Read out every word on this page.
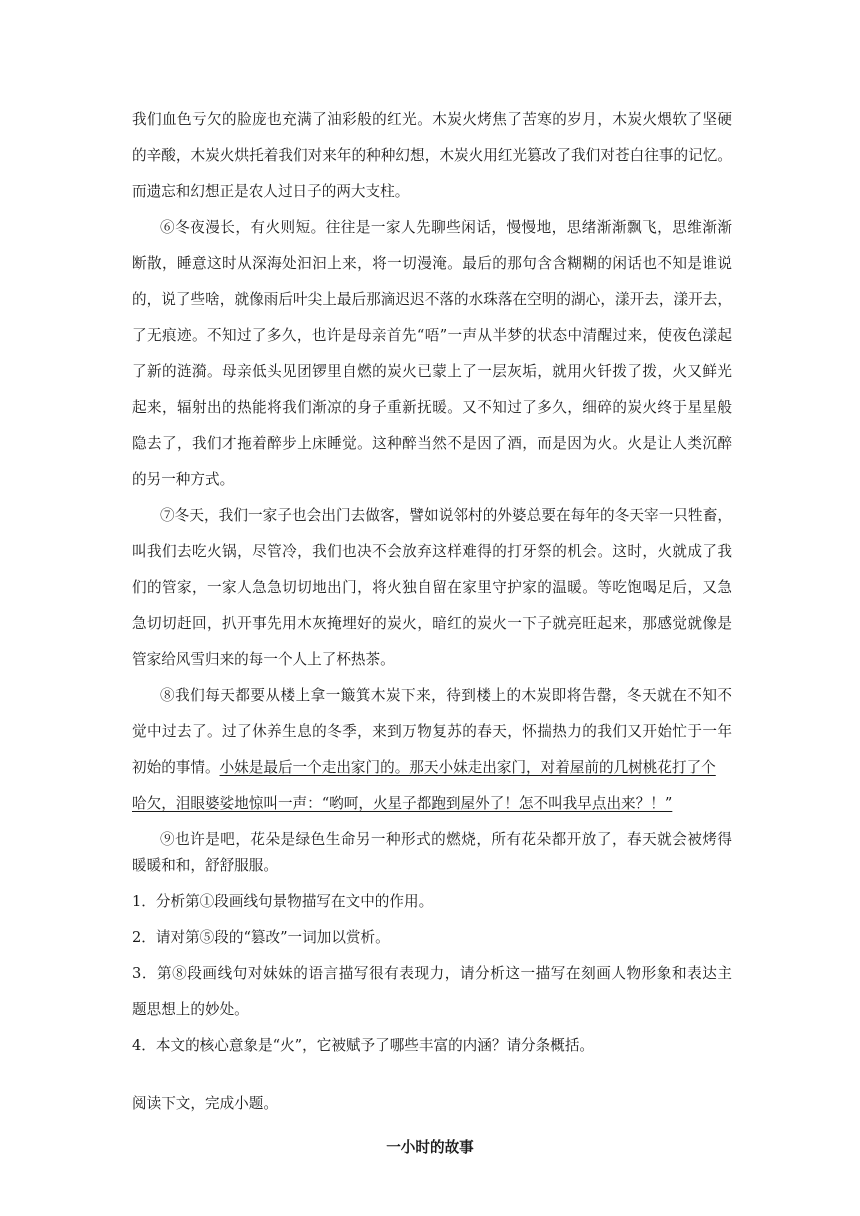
我们血色亏欠的脸庞也充满了油彩般的红光。木炭火烤焦了苦寒的岁月，木炭火煨软了坚硬
的辛酸，木炭火烘托着我们对来年的种种幻想，木炭火用红光篡改了我们对苍白往事的记忆。
而遗忘和幻想正是农人过日子的两大支柱。
⑥冬夜漫长，有火则短。往往是一家人先聊些闲话，慢慢地，思绪渐渐飘飞，思维渐渐
断散，睡意这时从深海处汩汩上来，将一切漫淹。最后的那句含含糊糊的闲话也不知是谁说
的，说了些啥，就像雨后叶尖上最后那滴迟迟不落的水珠落在空明的湖心，漾开去，漾开去，
了无痕迹。不知过了多久，也许是母亲首先“唔”一声从半梦的状态中清醒过来，使夜色漾起
了新的涟漪。母亲低头见团锣里自燃的炭火已蒙上了一层灰垢，就用火钎拨了拨，火又鲜光
起来，辐射出的热能将我们渐凉的身子重新抚暖。又不知过了多久，细碎的炭火终于星星般
隐去了，我们才拖着醉步上床睡觉。这种醉当然不是因了酒，而是因为火。火是让人类沉醉
的另一种方式。
⑦冬天，我们一家子也会出门去做客，譬如说邻村的外婆总要在每年的冬天宰一只牲畜，
叫我们去吃火锅，尽管冷，我们也决不会放弃这样难得的打牙祭的机会。这时，火就成了我
们的管家，一家人急急切切地出门，将火独自留在家里守护家的温暖。等吃饱喝足后，又急
急切切赶回，扒开事先用木灰掩埋好的炭火，暗红的炭火一下子就亮旺起来，那感觉就像是
管家给风雪归来的每一个人上了杯热茶。
⑧我们每天都要从楼上拿一簸箕木炭下来，待到楼上的木炭即将告罄，冬天就在不知不
觉中过去了。过了休养生息的冬季，来到万物复苏的春天，怀揣热力的我们又开始忙于一年
初始的事情。小妹是最后一个走出家门的。那天小妹走出家门，对着屋前的几树桃花打了个
哈欠，泪眼婆娑地惊叫一声：“哟呵，火星子都跑到屋外了！怎不叫我早点出来？！”
⑨也许是吧，花朵是绿色生命另一种形式的燃烧，所有花朵都开放了，春天就会被烤得
暖暖和和，舒舒服服。
1．分析第①段画线句景物描写在文中的作用。
2．请对第⑤段的“篡改”一词加以赏析。
3．第⑧段画线句对妹妹的语言描写很有表现力，请分析这一描写在刻画人物形象和表达主
题思想上的妙处。
4．本文的核心意象是“火”，它被赋予了哪些丰富的内涵？请分条概括。
阅读下文，完成小题。
一小时的故事
